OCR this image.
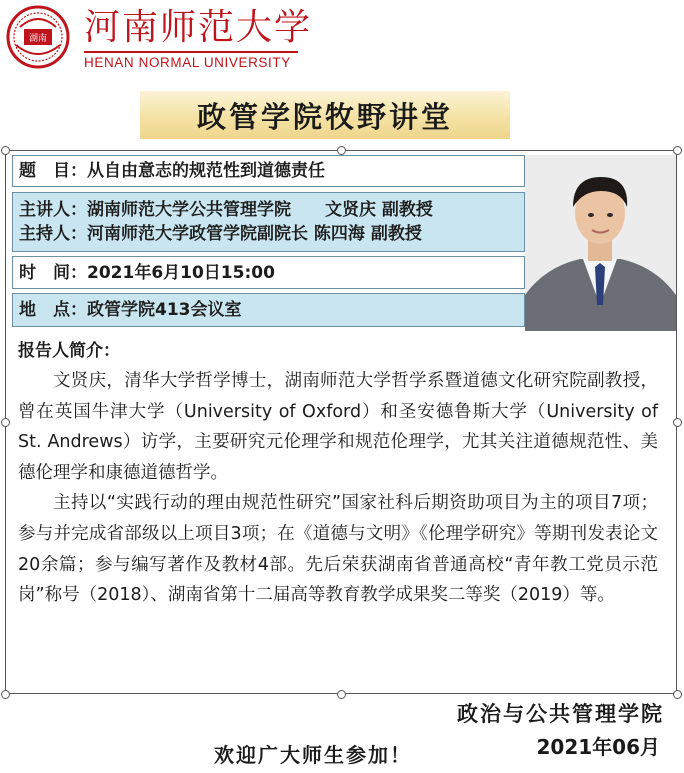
湖南 河南师范大学
HENAN NORMAL UNIVERSITY
政管学院牧野讲堂
题　目：从自由意志的规范性到道德责任
主讲人：湖南师范大学公共管理学院　　文贤庆 副教授
主持人：河南师范大学政管学院副院长 陈四海 副教授
时　间：2021年6月10日15:00
地　点：政管学院413会议室
报告人简介：

文贤庆，清华大学哲学博士，湖南师范大学哲学系暨道德文化研究院副教授，曾在英国牛津大学（University of Oxford）和圣安德鲁斯大学（University of St. Andrews）访学，主要研究元伦理学和规范伦理学，尤其关注道德规范性、美德伦理学和康德道德哲学。

主持以“实践行动的理由规范性研究”国家社科后期资助项目为主的项目7项；参与并完成省部级以上项目3项；在《道德与文明》《伦理学研究》等期刊发表论文20余篇；参与编写著作及教材4部。先后荣获湖南省普通高校“青年教工党员示范岗”称号（2018）、湖南省第十二届高等教育教学成果奖二等奖（2019）等。

政治与公共管理学院
2021年06月
欢迎广大师生参加！
